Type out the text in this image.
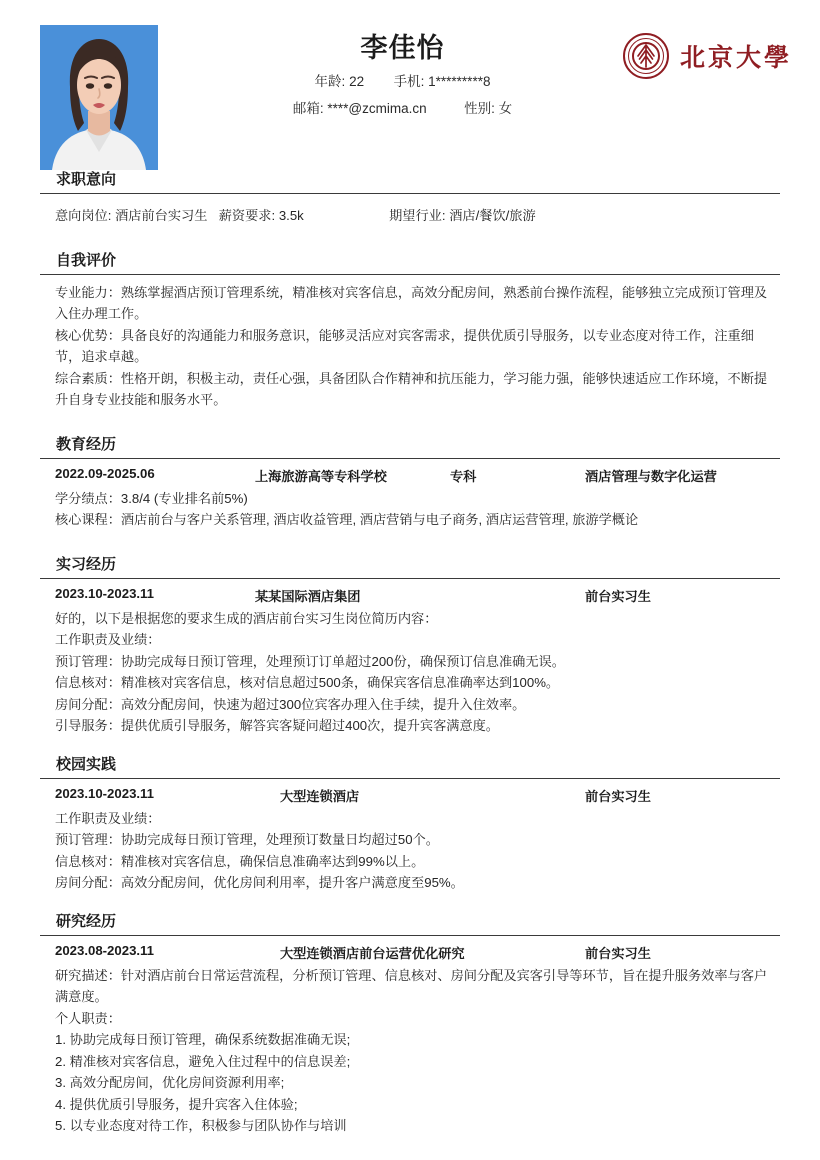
李佳怡
年龄: 22 手机: 1*********8
邮箱: ****@zcmima.cn	性别: 女
北京大學
求职意向
意向岗位: 酒店前台实习生 薪资要求: 3.5k	期望行业: 酒店/餐饮/旅游
自我评价

专业能力：熟练掌握酒店预订管理系统，精准核对宾客信息，高效分配房间，熟悉前台操作流程，能够独立完成预订管理及入住办理工作。

核心优势：具备良好的沟通能力和服务意识，能够灵活应对宾客需求，提供优质引导服务，以专业态度对待工作，注重细节，追求卓越。

综合素质：性格开朗，积极主动，责任心强，具备团队合作精神和抗压能力，学习能力强，能够快速适应工作环境，不断提升自身专业技能和服务水平。

教育经历
2022.09-2025.06	上海旅游高等专科学校	专科	酒店管理与数字化运营

学分绩点：3.8/4 (专业排名前5%)

核心课程：酒店前台与客户关系管理, 酒店收益管理, 酒店营销与电子商务, 酒店运营管理, 旅游学概论

实习经历
2023.10-2023.11	某某国际酒店集团	前台实习生

好的，以下是根据您的要求生成的酒店前台实习生岗位简历内容：

工作职责及业绩：

预订管理：协助完成每日预订管理，处理预订订单超过200份，确保预订信息准确无误。

信息核对：精准核对宾客信息，核对信息超过500条，确保宾客信息准确率达到100%。

房间分配：高效分配房间，快速为超过300位宾客办理入住手续，提升入住效率。

引导服务：提供优质引导服务，解答宾客疑问超过400次，提升宾客满意度。

校园实践
2023.10-2023.11	大型连锁酒店	前台实习生

工作职责及业绩：

预订管理：协助完成每日预订管理，处理预订数量日均超过50个。

信息核对：精准核对宾客信息，确保信息准确率达到99%以上。

房间分配：高效分配房间，优化房间利用率，提升客户满意度至95%。

研究经历
2023.08-2023.11	大型连锁酒店前台运营优化研究	前台实习生

研究描述：针对酒店前台日常运营流程，分析预订管理、信息核对、房间分配及宾客引导等环节，旨在提升服务效率与客户满意度。

个人职责：

1. 协助完成每日预订管理，确保系统数据准确无误;

2. 精准核对宾客信息，避免入住过程中的信息误差;

3. 高效分配房间，优化房间资源利用率;

4. 提供优质引导服务，提升宾客入住体验;

5. 以专业态度对待工作，积极参与团队协作与培训
